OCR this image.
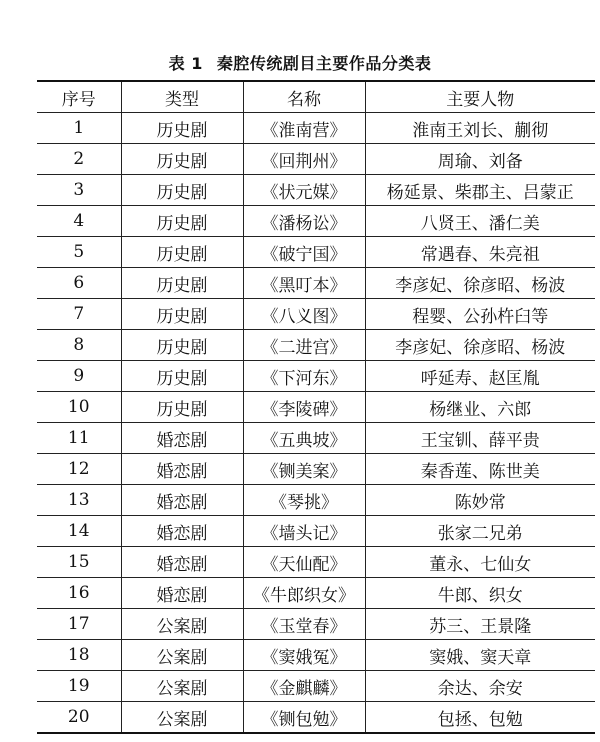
表 1 秦腔传统剧目主要作品分类表
序号	类型	名称	主要人物
1	历史剧	《淮南营》	淮南王刘长、蒯彻
2	历史剧	《回荆州》	周瑜、刘备
3	历史剧	《状元媒》	杨延景、柴郡主、吕蒙正
4	历史剧	《潘杨讼》	八贤王、潘仁美
5	历史剧	《破宁国》	常遇春、朱亮祖
6	历史剧	《黑叮本》	李彦妃、徐彦昭、杨波
7	历史剧	《八义图》	程婴、公孙杵臼等
8	历史剧	《二进宫》	李彦妃、徐彦昭、杨波
9	历史剧	《下河东》	呼延寿、赵匡胤
10	历史剧	《李陵碑》	杨继业、六郎
11	婚恋剧	《五典坡》	王宝钏、薛平贵
12	婚恋剧	《铡美案》	秦香莲、陈世美
13	婚恋剧	《琴挑》	陈妙常
14	婚恋剧	《墙头记》	张家二兄弟
15	婚恋剧	《天仙配》	董永、七仙女
16	婚恋剧	《牛郎织女》	牛郎、织女
17	公案剧	《玉堂春》	苏三、王景隆
18	公案剧	《窦娥冤》	窦娥、窦天章
19	公案剧	《金麒麟》	余达、余安
20	公案剧	《铡包勉》	包拯、包勉
